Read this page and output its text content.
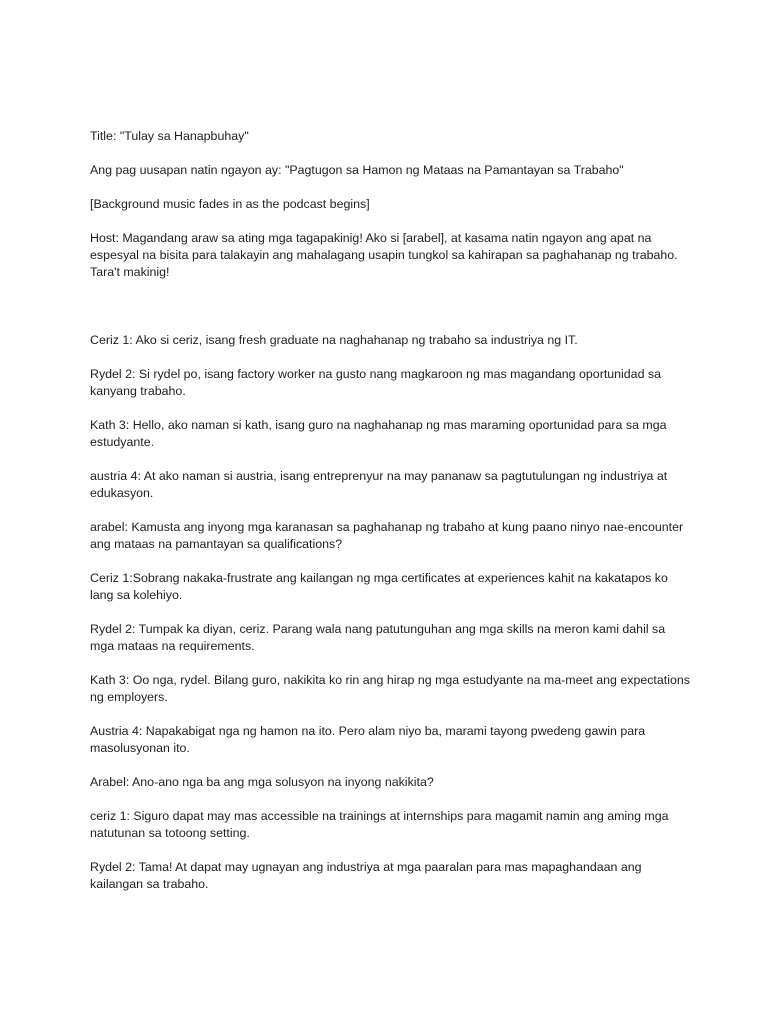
Title: "Tulay sa Hanapbuhay"

Ang pag uusapan natin ngayon ay: "Pagtugon sa Hamon ng Mataas na Pamantayan sa Trabaho"

[Background music fades in as the podcast begins]

Host: Magandang araw sa ating mga tagapakinig! Ako si [arabel], at kasama natin ngayon ang apat na espesyal na bisita para talakayin ang mahalagang usapin tungkol sa kahirapan sa paghahanap ng trabaho. Tara't makinig!

Ceriz 1: Ako si ceriz, isang fresh graduate na naghahanap ng trabaho sa industriya ng IT.

Rydel 2: Si rydel po, isang factory worker na gusto nang magkaroon ng mas magandang oportunidad sa kanyang trabaho.

Kath 3: Hello, ako naman si kath, isang guro na naghahanap ng mas maraming oportunidad para sa mga estudyante.

austria 4: At ako naman si austria, isang entreprenyur na may pananaw sa pagtutulungan ng industriya at edukasyon.

arabel: Kamusta ang inyong mga karanasan sa paghahanap ng trabaho at kung paano ninyo nae-encounter ang mataas na pamantayan sa qualifications?

Ceriz 1:Sobrang nakaka-frustrate ang kailangan ng mga certificates at experiences kahit na kakatapos ko lang sa kolehiyo.

Rydel 2: Tumpak ka diyan, ceriz. Parang wala nang patutunguhan ang mga skills na meron kami dahil sa mga mataas na requirements.

Kath 3: Oo nga, rydel. Bilang guro, nakikita ko rin ang hirap ng mga estudyante na ma-meet ang expectations ng employers.

Austria 4: Napakabigat nga ng hamon na ito. Pero alam niyo ba, marami tayong pwedeng gawin para masolusyonan ito.

Arabel: Ano-ano nga ba ang mga solusyon na inyong nakikita?

ceriz 1: Siguro dapat may mas accessible na trainings at internships para magamit namin ang aming mga natutunan sa totoong setting.

Rydel 2: Tama! At dapat may ugnayan ang industriya at mga paaralan para mas mapaghandaan ang kailangan sa trabaho.
